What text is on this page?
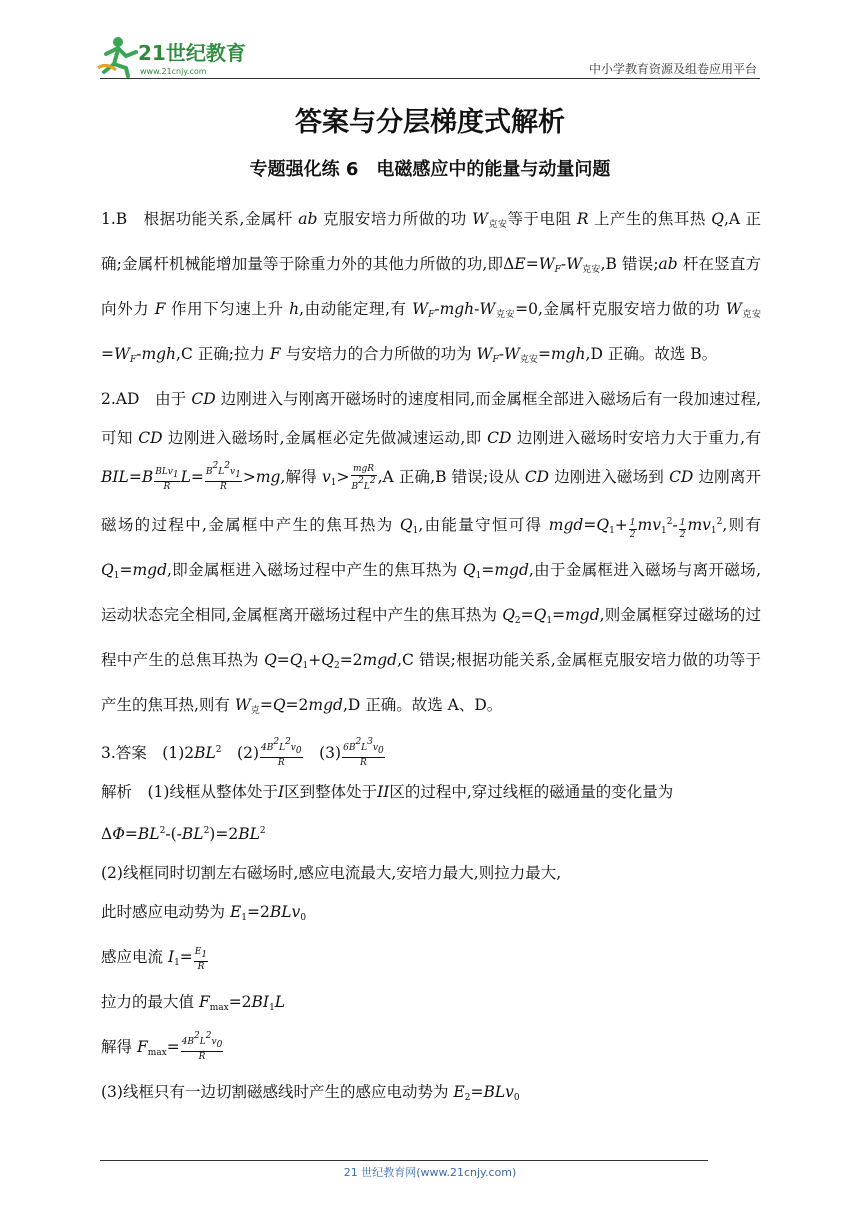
21世纪教育
www.21cnjy.com	中小学教育资源及组卷应用平台
答案与分层梯度式解析
专题强化练 6　电磁感应中的能量与动量问题

1.B　根据功能关系,金属杆 ab 克服安培力所做的功 $W_{克安}$等于电阻 R 上产生的焦耳热 Q,A 正确;金属杆机械能增加量等于除重力外的其他力所做的功,即$\Delta E=W_F-W_{克安},B$ 错误;ab 杆在竖直方向外力 F 作用下匀速上升 h,由动能定理,有 $W_F-mgh-W_{克安}=0$,金属杆克服安培力做的功 $W_{克安}=W_F-mgh,C$ 正确;拉力 F 与安培力的合力所做的功为 $W_F-W_{克安}=mgh,D$ 正确。故选 B。

2.AD　由于 CD 边刚进入与刚离开磁场时的速度相同,而金属框全部进入磁场后有一段加速过程,可知 CD 边刚进入磁场时,金属框必定先做减速运动,即 CD 边刚进入磁场时安培力大于重力,有 $BIL=B \frac{BLv_1}{R} L= \frac{B^2L^2v_1}{R} >mg$,解得 $v_1> \frac{\text{mgR}}{B^2L^2} ,A$ 正确,B 错误;设从 CD 边刚进入磁场到 CD 边刚离开磁场的过程中,金属框中产生的焦耳热为 $Q_1$,由能量守恒可得 $mgd=Q_1+ \frac{1}{2} mv_1^2- \frac{1}{2} mv_1^2$,则有 $Q_1=mgd$,即金属框进入磁场过程中产生的焦耳热为 $Q_1=mgd$,由于金属框进入磁场与离开磁场,运动状态完全相同,金属框离开磁场过程中产生的焦耳热为 $Q_2=Q_1=mgd$,则金属框穿过磁场的过程中产生的总焦耳热为 $Q=Q_1+Q_2=2mgd,C$ 错误;根据功能关系,金属框克服安培力做的功等于产生的焦耳热,则有 $W_克=Q=2mgd,D$ 正确。故选 A、D。

3.答案　$(1)2BL^2$　$(2) \frac{4B^2L^2v_0}{R}$ 　$(3) \frac{6B^2L^3v_0}{R}$

解析　(1)线框从整体处于I区到整体处于II区的过程中,穿过线框的磁通量的变化量为

$\Delta\Phi=BL^2-(-BL^2)=2BL^2$

(2)线框同时切割左右磁场时,感应电流最大,安培力最大,则拉力最大,

此时感应电动势为 $E_1=2BLv_0$

感应电流 $I_1= \frac{E_1}{R}$

拉力的最大值 $F_{max}=2BI_1L$

解得 $F_{max}= \frac{4B^2L^2v_0}{R}$

(3)线框只有一边切割磁感线时产生的感应电动势为 $E_2=BLv_0$

21 世纪教育网(www.21cnjy.com)
